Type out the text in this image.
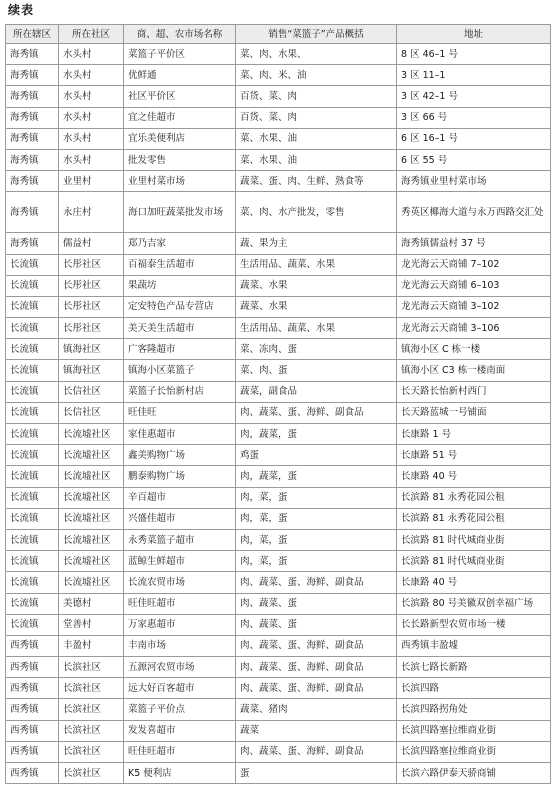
续表
所在辖区	所在社区	商、超、农市场名称	销售“菜篮子”产品概括	地址
海秀镇	水头村	菜篮子平价区	菜、肉、水果、	8 区 46–1 号
海秀镇	水头村	优鲜通	菜、肉、米、油	3 区 11–1
海秀镇	水头村	社区平价区	百货、菜、肉	3 区 42–1 号
海秀镇	水头村	宜之佳超市	百货、菜、肉	3 区 66 号
海秀镇	水头村	宜乐美便利店	菜、水果、油	6 区 16–1 号
海秀镇	水头村	批发零售	菜、水果、油	6 区 55 号
海秀镇	业里村	业里村菜市场	蔬菜、蛋、肉、生鲜、熟食等	海秀镇业里村菜市场
海秀镇	永庄村	海口加旺蔬菜批发市场	菜、肉、水产批发，零售	秀英区椰海大道与永万西路交汇处
海秀镇	儒益村	郑乃吉家	蔬、果为主	海秀镇儒益村 37 号
长流镇	长彤社区	百福泰生活超市	生活用品、蔬菜、水果	龙光海云天商铺 7–102
长流镇	长彤社区	果蔬坊	蔬菜、水果	龙光海云天商铺 6–103
长流镇	长彤社区	定安特色产品专营店	蔬菜、水果	龙光海云天商铺 3–102
长流镇	长彤社区	美天美生活超市	生活用品、蔬菜、水果	龙光海云天商铺 3–106
长流镇	镇海社区	广客隆超市	菜、冻肉、蛋	镇海小区 C 栋一楼
长流镇	镇海社区	镇海小区菜篮子	菜、肉、蛋	镇海小区 C3 栋一楼南面
长流镇	长信社区	菜篮子长怡新村店	蔬菜，副食品	长天路长怡新村西门
长流镇	长信社区	旺佳旺	肉、蔬菜、蛋、海鲜、副食品	长天路蓝城一号铺面
长流镇	长流墟社区	家佳惠超市	肉，蔬菜，蛋	长康路 1 号
长流镇	长流墟社区	鑫美购物广场	鸡蛋	长康路 51 号
长流镇	长流墟社区	鹏泰购物广场	肉，蔬菜，蛋	长康路 40 号
长流镇	长流墟社区	辛百超市	肉，菜，蛋	长滨路 81 永秀花园公租
长流镇	长流墟社区	兴盛佳超市	肉，菜，蛋	长滨路 81 永秀花园公租
长流镇	长流墟社区	永秀菜篮子超市	肉，菜，蛋	长滨路 81 时代城商业街
长流镇	长流墟社区	蓝鲸生鲜超市	肉，菜，蛋	长滨路 81 时代城商业街
长流镇	长流墟社区	长流农贸市场	肉、蔬菜、蛋、海鲜、副食品	长康路 40 号
长流镇	美德村	旺佳旺超市	肉、蔬菜、蛋	长滨路 80 号美徽双创幸福广场
长流镇	堂善村	万家惠超市	肉、蔬菜、蛋	长长路新型农贸市场一楼
西秀镇	丰盈村	丰南市场	肉、蔬菜、蛋、海鲜、副食品	西秀镇丰盈墟
西秀镇	长滨社区	五源河农贸市场	肉、蔬菜、蛋、海鲜、副食品	长滨七路长新路
西秀镇	长滨社区	远大好百客超市	肉、蔬菜、蛋、海鲜、副食品	长滨四路
西秀镇	长滨社区	菜篮子平价点	蔬菜、猪肉	长滨四路拐角处
西秀镇	长滨社区	发发喜超市	蔬菜	长滨四路塞拉维商业街
西秀镇	长滨社区	旺佳旺超市	肉、蔬菜、蛋、海鲜、副食品	长滨四路塞拉维商业街
西秀镇	长滨社区	K5 便利店	蛋	长滨六路伊泰天骄商铺
